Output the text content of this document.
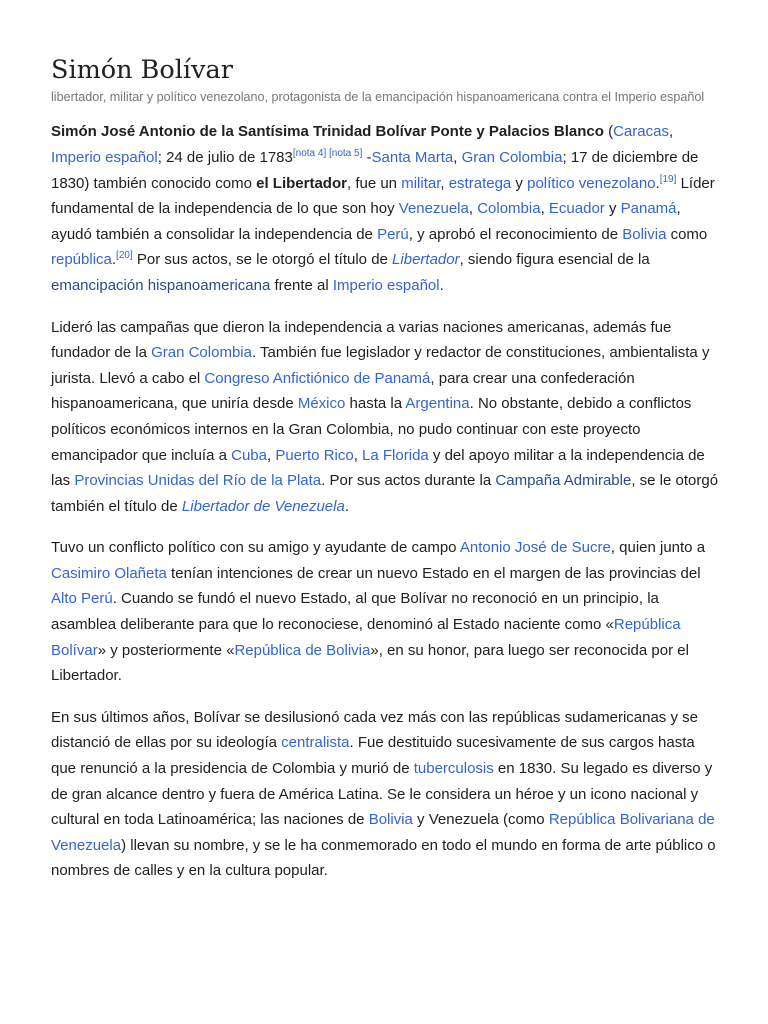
Simón Bolívar
libertador, militar y político venezolano, protagonista de la emancipación hispanoamericana contra el Imperio español

Simón José Antonio de la Santísima Trinidad Bolívar Ponte y Palacios Blanco (Caracas, Imperio español; 24 de julio de 1783[nota 4] [nota 5] -Santa Marta, Gran Colombia; 17 de diciembre de 1830) también conocido como el Libertador, fue un militar, estratega y político venezolano.[19] Líder fundamental de la independencia de lo que son hoy Venezuela, Colombia, Ecuador y Panamá, ayudó también a consolidar la independencia de Perú, y aprobó el reconocimiento de Bolivia como república.[20] Por sus actos, se le otorgó el título de Libertador, siendo figura esencial de la emancipación hispanoamericana frente al Imperio español.

Lideró las campañas que dieron la independencia a varias naciones americanas, además fue fundador de la Gran Colombia. También fue legislador y redactor de constituciones, ambientalista y jurista. Llevó a cabo el Congreso Anfictiónico de Panamá, para crear una confederación hispanoamericana, que uniría desde México hasta la Argentina. No obstante, debido a conflictos políticos económicos internos en la Gran Colombia, no pudo continuar con este proyecto emancipador que incluía a Cuba, Puerto Rico, La Florida y del apoyo militar a la independencia de las Provincias Unidas del Río de la Plata. Por sus actos durante la Campaña Admirable, se le otorgó también el título de Libertador de Venezuela.

Tuvo un conflicto político con su amigo y ayudante de campo Antonio José de Sucre, quien junto a Casimiro Olañeta tenían intenciones de crear un nuevo Estado en el margen de las provincias del Alto Perú. Cuando se fundó el nuevo Estado, al que Bolívar no reconoció en un principio, la asamblea deliberante para que lo reconociese, denominó al Estado naciente como «República Bolívar» y posteriormente «República de Bolivia», en su honor, para luego ser reconocida por el Libertador.

En sus últimos años, Bolívar se desilusionó cada vez más con las repúblicas sudamericanas y se distanció de ellas por su ideología centralista. Fue destituido sucesivamente de sus cargos hasta que renunció a la presidencia de Colombia y murió de tuberculosis en 1830. Su legado es diverso y de gran alcance dentro y fuera de América Latina. Se le considera un héroe y un icono nacional y cultural en toda Latinoamérica; las naciones de Bolivia y Venezuela (como República Bolivariana de Venezuela) llevan su nombre, y se le ha conmemorado en todo el mundo en forma de arte público o nombres de calles y en la cultura popular.
